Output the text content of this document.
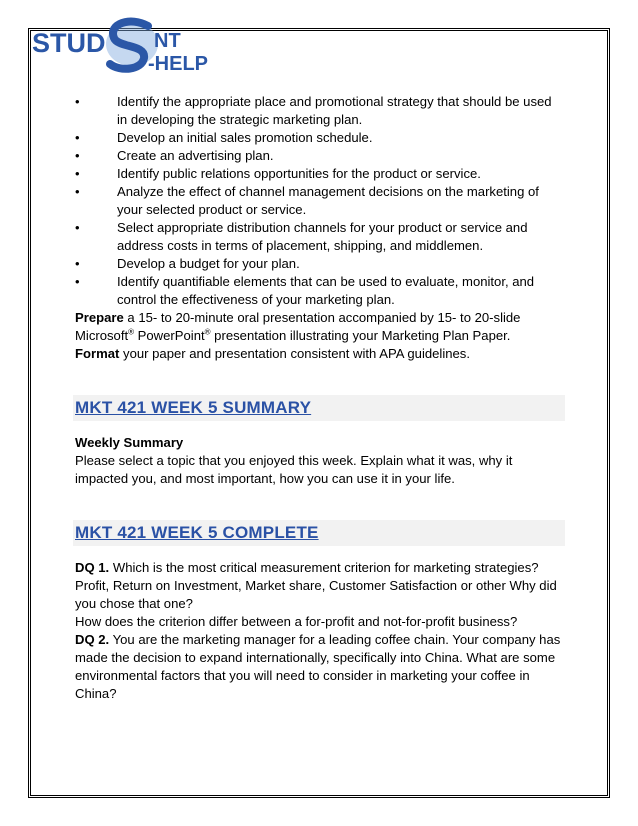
STUD NT
-HELP
•Identify the appropriate place and promotional strategy that should be used in developing the strategic marketing plan.
•Develop an initial sales promotion schedule.
•Create an advertising plan.
•Identify public relations opportunities for the product or service.
•Analyze the effect of channel management decisions on the marketing of your selected product or service.
•Select appropriate distribution channels for your product or service and address costs in terms of placement, shipping, and middlemen.
•Develop a budget for your plan.
•Identify quantifiable elements that can be used to evaluate, monitor, and control the effectiveness of your marketing plan.

Prepare a 15- to 20-minute oral presentation accompanied by 15- to 20-slide Microsoft® PowerPoint® presentation illustrating your Marketing Plan Paper.

Format your paper and presentation consistent with APA guidelines.

MKT 421 WEEK 5 SUMMARY
Weekly Summary

Please select a topic that you enjoyed this week. Explain what it was, why it impacted you, and most important, how you can use it in your life.

MKT 421 WEEK 5 COMPLETE

DQ 1. Which is the most critical measurement criterion for marketing strategies? Profit, Return on Investment, Market share, Customer Satisfaction or other Why did you chose that one?

How does the criterion differ between a for-profit and not-for-profit business?

DQ 2. You are the marketing manager for a leading coffee chain. Your company has made the decision to expand internationally, specifically into China. What are some environmental factors that you will need to consider in marketing your coffee in China?
